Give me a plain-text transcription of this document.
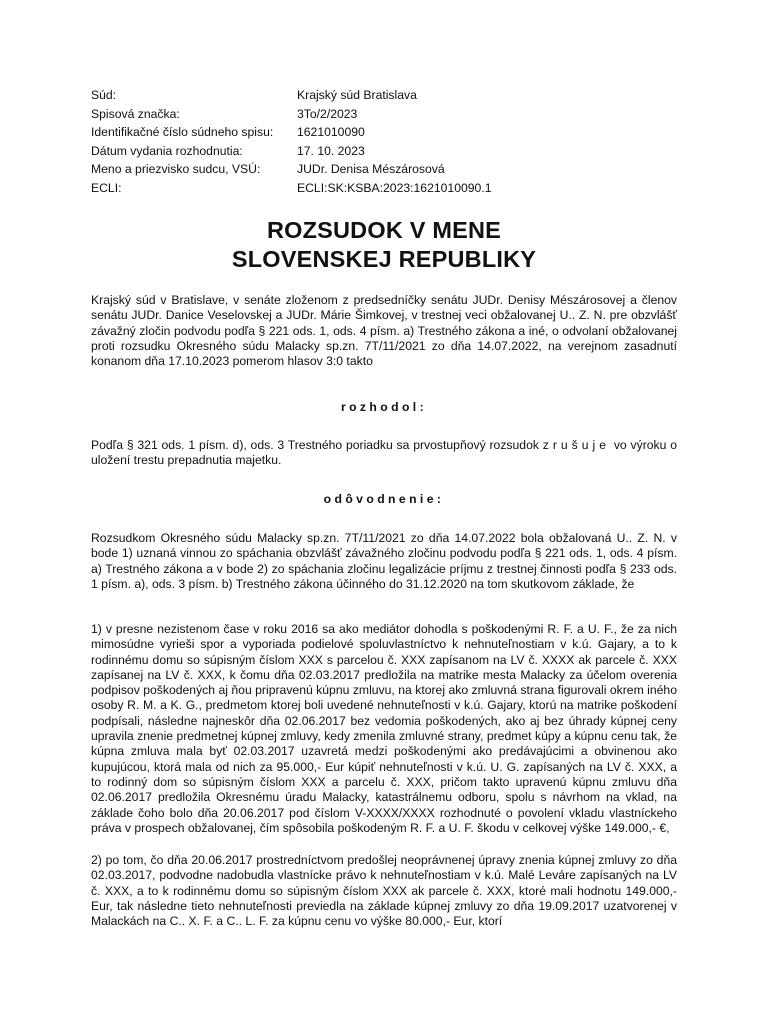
Súd:	Krajský súd Bratislava
Spisová značka:	3To/2/2023
Identifikačné číslo súdneho spisu:	1621010090
Dátum vydania rozhodnutia:	17. 10. 2023
Meno a priezvisko sudcu, VSÚ:	JUDr. Denisa Mészárosová
ECLI:	ECLI:SK:KSBA:2023:1621010090.1
ROZSUDOK V MENE
SLOVENSKEJ REPUBLIKY

Krajský súd v Bratislave, v senáte zloženom z predsedníčky senátu JUDr. Denisy Mészárosovej a členov senátu JUDr. Danice Veselovskej a JUDr. Márie Šimkovej, v trestnej veci obžalovanej U.. Z. N. pre obzvlášť závažný zločin podvodu podľa § 221 ods. 1, ods. 4 písm. a) Trestného zákona a iné, o odvolaní obžalovanej proti rozsudku Okresného súdu Malacky sp.zn. 7T/11/2021 zo dňa 14.07.2022, na verejnom zasadnutí konanom dňa 17.10.2023 pomerom hlasov 3:0 takto

rozhodol:

Podľa § 321 ods. 1 písm. d), ods. 3 Trestného poriadku sa prvostupňový rozsudok zrušuje vo výroku o uložení trestu prepadnutia majetku.

odôvodnenie:

Rozsudkom Okresného súdu Malacky sp.zn. 7T/11/2021 zo dňa 14.07.2022 bola obžalovaná U.. Z. N. v bode 1) uznaná vinnou zo spáchania obzvlášť závažného zločinu podvodu podľa § 221 ods. 1, ods. 4 písm. a) Trestného zákona a v bode 2) zo spáchania zločinu legalizácie príjmu z trestnej činnosti podľa § 233 ods. 1 písm. a), ods. 3 písm. b) Trestného zákona účinného do 31.12.2020 na tom skutkovom základe, že

1) v presne nezistenom čase v roku 2016 sa ako mediátor dohodla s poškodenými R. F. a U. F., že za nich mimosúdne vyrieši spor a vyporiada podielové spoluvlastníctvo k nehnuteľnostiam v k.ú. Gajary, a to k rodinnému domu so súpisným číslom XXX s parcelou č. XXX zapísanom na LV č. XXXX ak parcele č. XXX zapísanej na LV č. XXX, k čomu dňa 02.03.2017 predložila na matrike mesta Malacky za účelom overenia podpisov poškodených aj ňou pripravenú kúpnu zmluvu, na ktorej ako zmluvná strana figurovali okrem iného osoby R. M. a K. G., predmetom ktorej boli uvedené nehnuteľnosti v k.ú. Gajary, ktorú na matrike poškodení podpísali, následne najneskôr dňa 02.06.2017 bez vedomia poškodených, ako aj bez úhrady kúpnej ceny upravila znenie predmetnej kúpnej zmluvy, kedy zmenila zmluvné strany, predmet kúpy a kúpnu cenu tak, že kúpna zmluva mala byť 02.03.2017 uzavretá medzi poškodenými ako predávajúcimi a obvinenou ako kupujúcou, ktorá mala od nich za 95.000,- Eur kúpiť nehnuteľnosti v k.ú. U. G. zapísaných na LV č. XXX, a to rodinný dom so súpisným číslom XXX a parcelu č. XXX, pričom takto upravenú kúpnu zmluvu dňa 02.06.2017 predložila Okresnému úradu Malacky, katastrálnemu odboru, spolu s návrhom na vklad, na základe čoho bolo dňa 20.06.2017 pod číslom V-XXXX/XXXX rozhodnuté o povolení vkladu vlastníckeho práva v prospech obžalovanej, čím spôsobila poškodeným R. F. a U. F. škodu v celkovej výške 149.000,- €,

2) po tom, čo dňa 20.06.2017 prostredníctvom predošlej neoprávnenej úpravy znenia kúpnej zmluvy zo dňa 02.03.2017, podvodne nadobudla vlastnícke právo k nehnuteľnostiam v k.ú. Malé Leváre zapísaných na LV č. XXX, a to k rodinnému domu so súpisným číslom XXX ak parcele č. XXX, ktoré mali hodnotu 149.000,- Eur, tak následne tieto nehnuteľnosti previedla na základe kúpnej zmluvy zo dňa 19.09.2017 uzatvorenej v Malackách na C.. X. F. a C.. L. F. za kúpnu cenu vo výške 80.000,- Eur, ktorí
